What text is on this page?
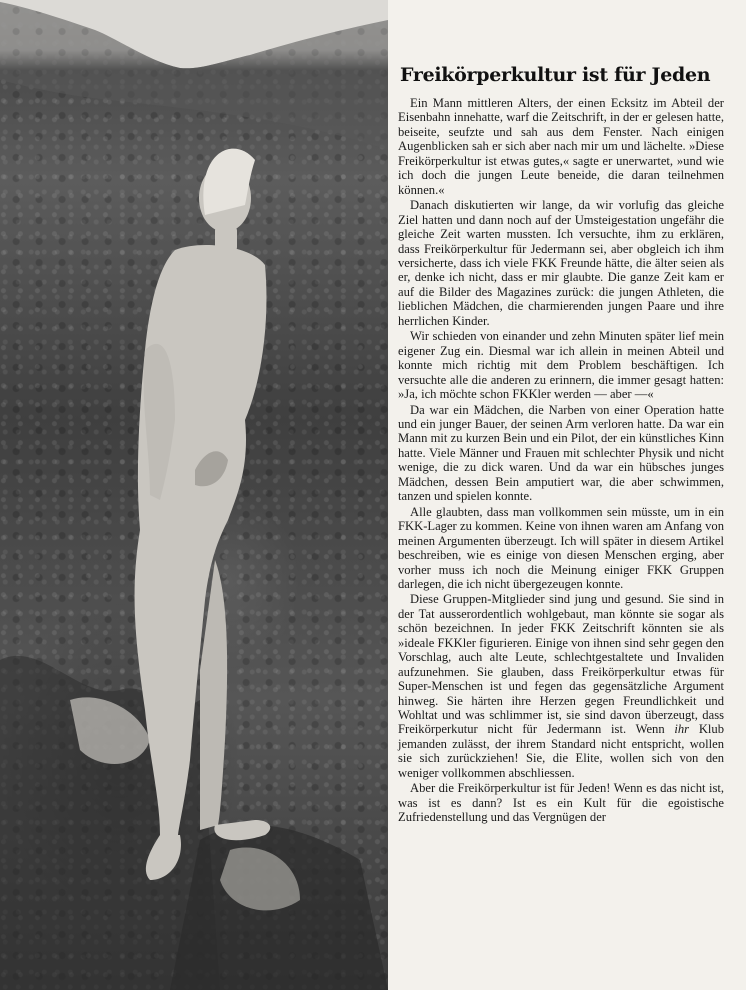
Freikörperkultur ist für Jeden

Ein Mann mittleren Alters, der einen Ecksitz im Abteil der Eisenbahn innehatte, warf die Zeitschrift, in der er gelesen hatte, beiseite, seufzte und sah aus dem Fenster. Nach einigen Augenblicken sah er sich aber nach mir um und lächelte. »Diese Freikörperkultur ist etwas gutes,« sagte er unerwartet, »und wie ich doch die jungen Leute beneide, die daran teilnehmen können.«

Danach diskutierten wir lange, da wir vorlufig das gleiche Ziel hatten und dann noch auf der Umsteigestation ungefähr die gleiche Zeit warten mussten. Ich versuchte, ihm zu erklären, dass Freikörperkultur für Jedermann sei, aber obgleich ich ihm versicherte, dass ich viele FKK Freunde hätte, die älter seien als er, denke ich nicht, dass er mir glaubte. Die ganze Zeit kam er auf die Bilder des Magazines zurück: die jungen Athleten, die lieblichen Mädchen, die charmierenden jungen Paare und ihre herrlichen Kinder.

Wir schieden von einander und zehn Minuten später lief mein eigener Zug ein. Diesmal war ich allein in meinen Abteil und konnte mich richtig mit dem Problem beschäftigen. Ich versuchte alle die anderen zu erinnern, die immer gesagt hatten: »Ja, ich möchte schon FKKler werden — aber —«

Da war ein Mädchen, die Narben von einer Operation hatte und ein junger Bauer, der seinen Arm verloren hatte. Da war ein Mann mit zu kurzen Bein und ein Pilot, der ein künstliches Kinn hatte. Viele Männer und Frauen mit schlechter Physik und nicht wenige, die zu dick waren. Und da war ein hübsches junges Mädchen, dessen Bein amputiert war, die aber schwimmen, tanzen und spielen konnte.

Alle glaubten, dass man vollkommen sein müsste, um in ein FKK-Lager zu kommen. Keine von ihnen waren am Anfang von meinen Argumenten überzeugt. Ich will später in diesem Artikel beschreiben, wie es einige von diesen Menschen erging, aber vorher muss ich noch die Meinung einiger FKK Gruppen darlegen, die ich nicht übergezeugen konnte.

Diese Gruppen-Mitglieder sind jung und gesund. Sie sind in der Tat ausserordentlich wohlgebaut, man könnte sie sogar als schön bezeichnen. In jeder FKK Zeitschrift könnten sie als »ideale FKKler figurieren. Einige von ihnen sind sehr gegen den Vorschlag, auch alte Leute, schlechtgestaltete und Invaliden aufzunehmen. Sie glauben, dass Freikörperkultur etwas für Super-Menschen ist und fegen das gegensätzliche Argument hinweg. Sie härten ihre Herzen gegen Freundlichkeit und Wohltat und was schlimmer ist, sie sind davon überzeugt, dass Freikörperkutur nicht für Jedermann ist. Wenn ihr Klub jemanden zulässt, der ihrem Standard nicht entspricht, wollen sie sich zurückziehen! Sie, die Elite, wollen sich von den weniger vollkommen abschliessen.

Aber die Freikörperkultur ist für Jeden! Wenn es das nicht ist, was ist es dann? Ist es ein Kult für die egoistische Zufriedenstellung und das Vergnügen der
